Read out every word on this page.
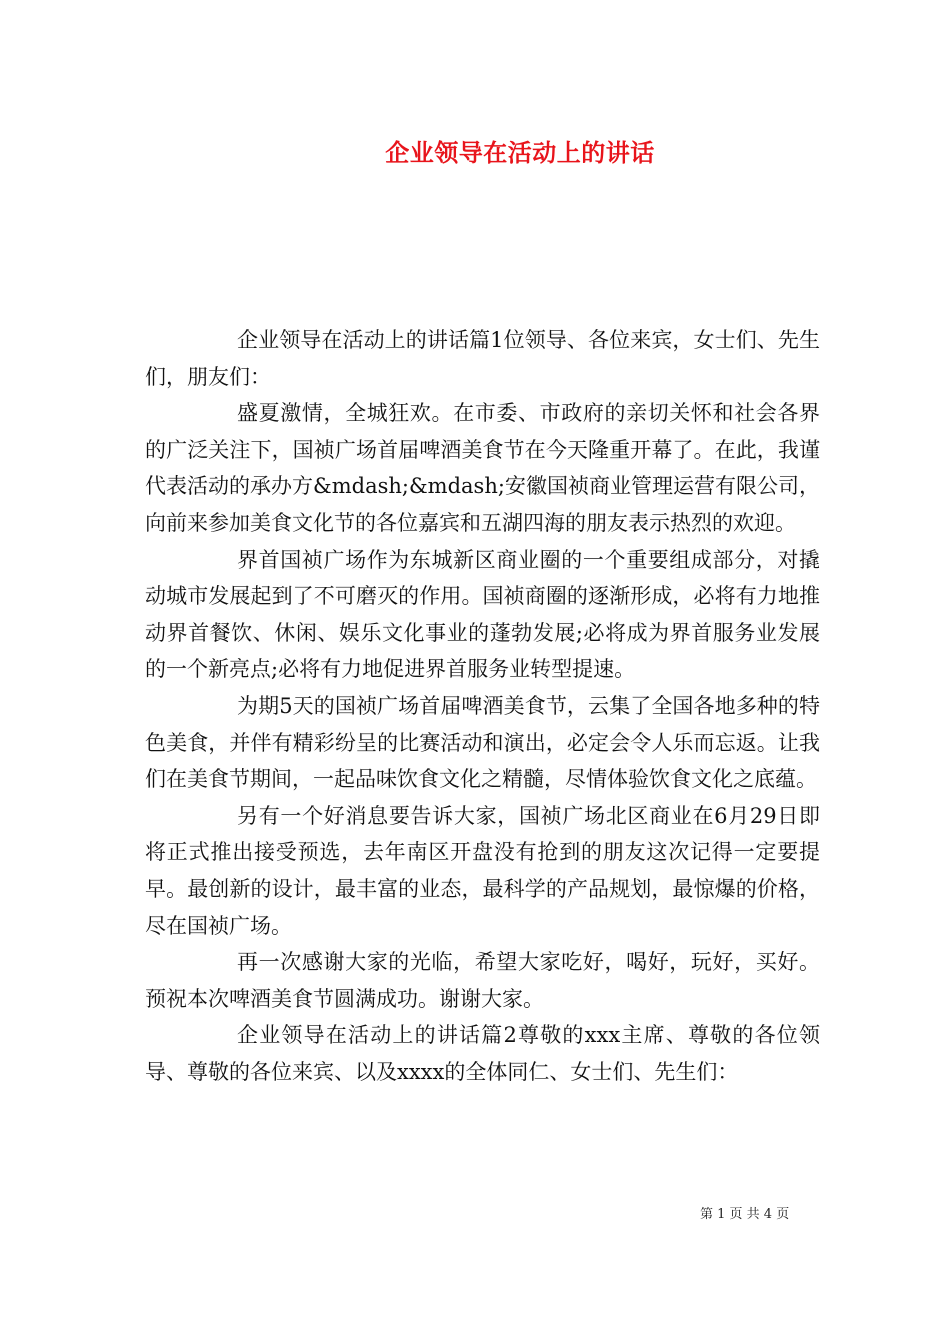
企业领导在活动上的讲话

企业领导在活动上的讲话篇1位领导、各位来宾，女士们、先生们，朋友们：

盛夏激情，全城狂欢。在市委、市政府的亲切关怀和社会各界的广泛关注下，国祯广场首届啤酒美食节在今天隆重开幕了。在此，我谨代表活动的承办方&mdash;&mdash;安徽国祯商业管理运营有限公司，向前来参加美食文化节的各位嘉宾和五湖四海的朋友表示热烈的欢迎。

界首国祯广场作为东城新区商业圈的一个重要组成部分，对撬动城市发展起到了不可磨灭的作用。国祯商圈的逐渐形成，必将有力地推动界首餐饮、休闲、娱乐文化事业的蓬勃发展;必将成为界首服务业发展的一个新亮点;必将有力地促进界首服务业转型提速。

为期5天的国祯广场首届啤酒美食节，云集了全国各地多种的特色美食，并伴有精彩纷呈的比赛活动和演出，必定会令人乐而忘返。让我们在美食节期间，一起品味饮食文化之精髓，尽情体验饮食文化之底蕴。

另有一个好消息要告诉大家，国祯广场北区商业在6月29日即将正式推出接受预选，去年南区开盘没有抢到的朋友这次记得一定要提早。最创新的设计，最丰富的业态，最科学的产品规划，最惊爆的价格，尽在国祯广场。

再一次感谢大家的光临，希望大家吃好，喝好，玩好，买好。预祝本次啤酒美食节圆满成功。谢谢大家。

企业领导在活动上的讲话篇2尊敬的xxx主席、尊敬的各位领导、尊敬的各位来宾、以及xxxx的全体同仁、女士们、先生们：

第 1 页 共 4 页
